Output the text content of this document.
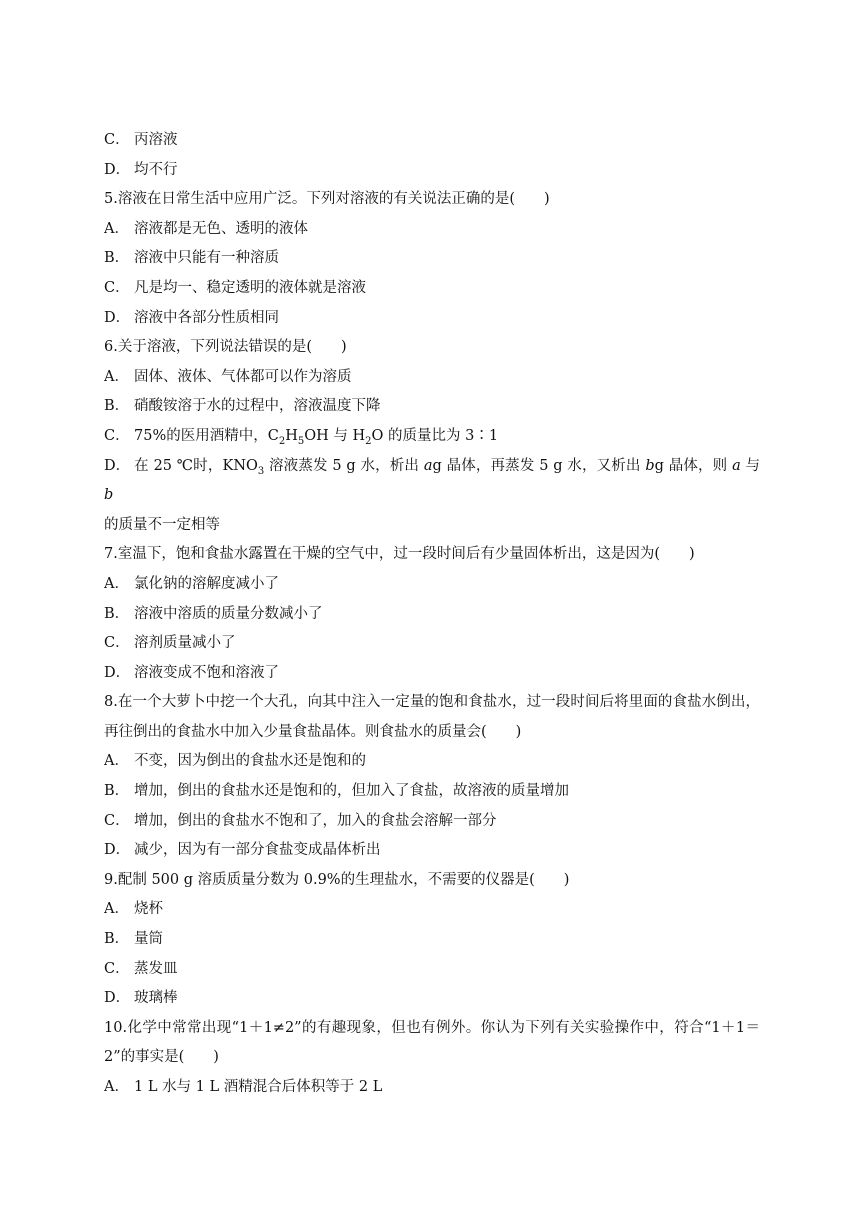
C． 丙溶液
D． 均不行
5.溶液在日常生活中应用广泛。下列对溶液的有关说法正确的是(　　)
A． 溶液都是无色、透明的液体
B． 溶液中只能有一种溶质
C． 凡是均一、稳定透明的液体就是溶液
D． 溶液中各部分性质相同
6.关于溶液，下列说法错误的是(　　)
A． 固体、液体、气体都可以作为溶质
B． 硝酸铵溶于水的过程中，溶液温度下降
C． 75%的医用酒精中，$C_2H_5OH$ 与 $H_2O$ 的质量比为 3∶1
D． 在 25 ℃时，$KNO_3$ 溶液蒸发 5 g 水，析出 ag 晶体，再蒸发 5 g 水，又析出 bg 晶体，则 a 与 b
的质量不一定相等
7.室温下，饱和食盐水露置在干燥的空气中，过一段时间后有少量固体析出，这是因为(　　)
A． 氯化钠的溶解度减小了
B． 溶液中溶质的质量分数减小了
C． 溶剂质量减小了
D． 溶液变成不饱和溶液了
8.在一个大萝卜中挖一个大孔，向其中注入一定量的饱和食盐水，过一段时间后将里面的食盐水倒出，再往倒出的食盐水中加入少量食盐晶体。则食盐水的质量会(　　)
A． 不变，因为倒出的食盐水还是饱和的
B． 增加，倒出的食盐水还是饱和的，但加入了食盐，故溶液的质量增加
C． 增加，倒出的食盐水不饱和了，加入的食盐会溶解一部分
D． 减少，因为有一部分食盐变成晶体析出
9.配制 500 g 溶质质量分数为 0.9%的生理盐水，不需要的仪器是(　　)
A． 烧杯
B． 量筒
C． 蒸发皿
D． 玻璃棒
10.化学中常常出现“1＋1≠2”的有趣现象，但也有例外。你认为下列有关实验操作中，符合“1＋1＝2”的事实是(　　)
A． 1 L 水与 1 L 酒精混合后体积等于 2 L
